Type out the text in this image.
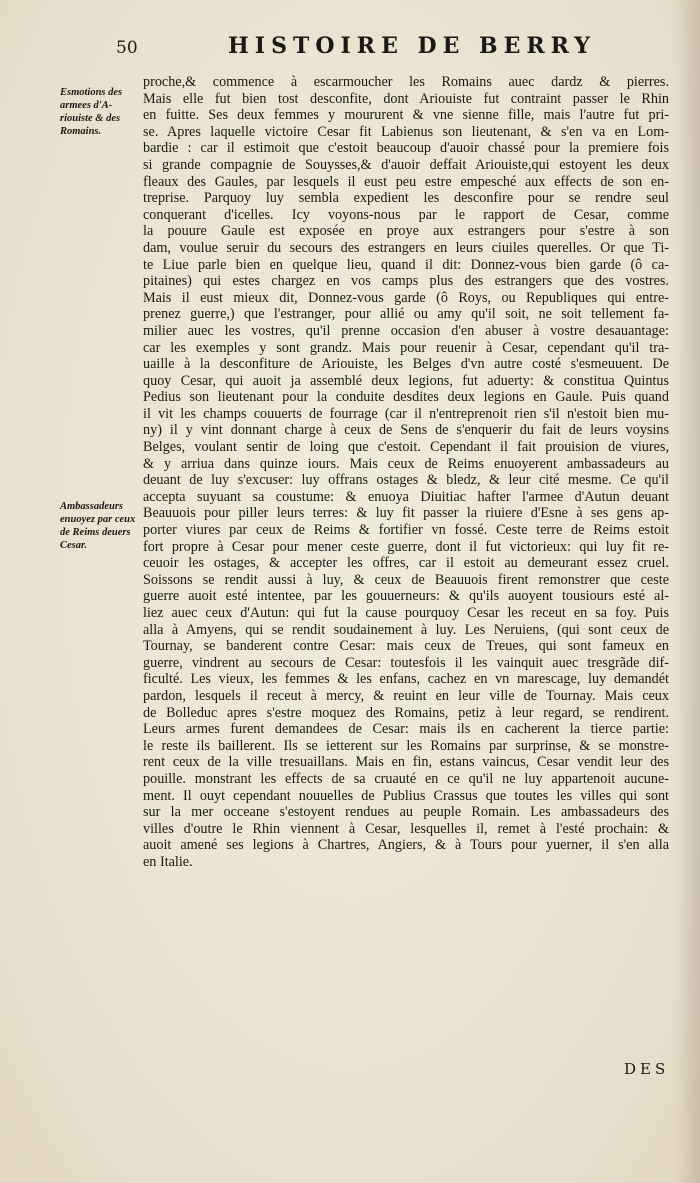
50	HISTOIRE DE BERRY
Esmotions des armees d'A-riouiste & des Romains.
Ambassadeurs enuoyez par ceux de Reims deuers Cesar.
proche,& commence à escarmoucher les Romains auec dardz & pierres.
Mais elle fut bien tost desconfite, dont Ariouiste fut contraint passer le Rhin
en fuitte. Ses deux femmes y moururent & vne sienne fille, mais l'autre fut pri-
se. Apres laquelle victoire Cesar fit Labienus son lieutenant, & s'en va en Lom-
bardie : car il estimoit que c'estoit beaucoup d'auoir chassé pour la premiere fois
si grande compagnie de Souysses,& d'auoir deffait Ariouiste,qui estoyent les deux
fleaux des Gaules, par lesquels il eust peu estre empesché aux effects de son en-
treprise. Parquoy luy sembla expedient les desconfire pour se rendre seul
conquerant d'icelles. Icy voyons-nous par le rapport de Cesar, comme
la pouure Gaule est exposée en proye aux estrangers pour s'estre à son
dam, voulue seruir du secours des estrangers en leurs ciuiles querelles. Or que Ti-
te Liue parle bien en quelque lieu, quand il dit: Donnez-vous bien garde (ô ca-
pitaines) qui estes chargez en vos camps plus des estrangers que des vostres.
Mais il eust mieux dit, Donnez-vous garde (ô Roys, ou Republiques qui entre-
prenez guerre,) que l'estranger, pour allié ou amy qu'il soit, ne soit tellement fa-
milier auec les vostres, qu'il prenne occasion d'en abuser à vostre desauantage:
car les exemples y sont grandz. Mais pour reuenir à Cesar, cependant qu'il tra-
uaille à la desconfiture de Ariouiste, les Belges d'vn autre costé s'esmeuuent. De
quoy Cesar, qui auoit ja assemblé deux legions, fut aduerty: & constitua Quintus
Pedius son lieutenant pour la conduite desdites deux legions en Gaule. Puis quand
il vit les champs couuerts de fourrage (car il n'entreprenoit rien s'il n'estoit bien mu-
ny) il y vint donnant charge à ceux de Sens de s'enquerir du fait de leurs voysins
Belges, voulant sentir de loing que c'estoit. Cependant il fait prouision de viures,
& y arriua dans quinze iours. Mais ceux de Reims enuoyerent ambassadeurs au
deuant de luy s'excuser: luy offrans ostages & bledz, & leur cité mesme. Ce qu'il
accepta suyuant sa coustume: & enuoya Diuitiac hafter l'armee d'Autun deuant
Beauuois pour piller leurs terres: & luy fit passer la riuiere d'Esne à ses gens ap-
porter viures par ceux de Reims & fortifier vn fossé. Ceste terre de Reims estoit
fort propre à Cesar pour mener ceste guerre, dont il fut victorieux: qui luy fit re-
ceuoir les ostages, & accepter les offres, car il estoit au demeurant essez cruel.
Soissons se rendit aussi à luy, & ceux de Beauuois firent remonstrer que ceste
guerre auoit esté intentee, par les gouuerneurs: & qu'ils auoyent tousiours esté al-
liez auec ceux d'Autun: qui fut la cause pourquoy Cesar les receut en sa foy. Puis
alla à Amyens, qui se rendit soudainement à luy. Les Neruiens, (qui sont ceux de
Tournay, se banderent contre Cesar: mais ceux de Treues, qui sont fameux en
guerre, vindrent au secours de Cesar: toutesfois il les vainquit auec tresgrãde dif-
ficulté. Les vieux, les femmes & les enfans, cachez en vn marescage, luy demandét
pardon, lesquels il receut à mercy, & reuint en leur ville de Tournay. Mais ceux
de Bolleduc apres s'estre moquez des Romains, petiz à leur regard, se rendirent.
Leurs armes furent demandees de Cesar: mais ils en cacherent la tierce partie:
le reste ils baillerent. Ils se ietterent sur les Romains par surprinse, & se monstre-
rent ceux de la ville tresuaillans. Mais en fin, estans vaincus, Cesar vendit leur des
pouille. monstrant les effects de sa cruauté en ce qu'il ne luy appartenoit aucune-
ment. Il ouyt cependant nouuelles de Publius Crassus que toutes les villes qui sont
sur la mer occeane s'estoyent rendues au peuple Romain. Les ambassadeurs des
villes d'outre le Rhin viennent à Cesar, lesquelles il, remet à l'esté prochain: &
auoit amené ses legions à Chartres, Angiers, & à Tours pour yuerner, il s'en alla
en Italie.
DES
